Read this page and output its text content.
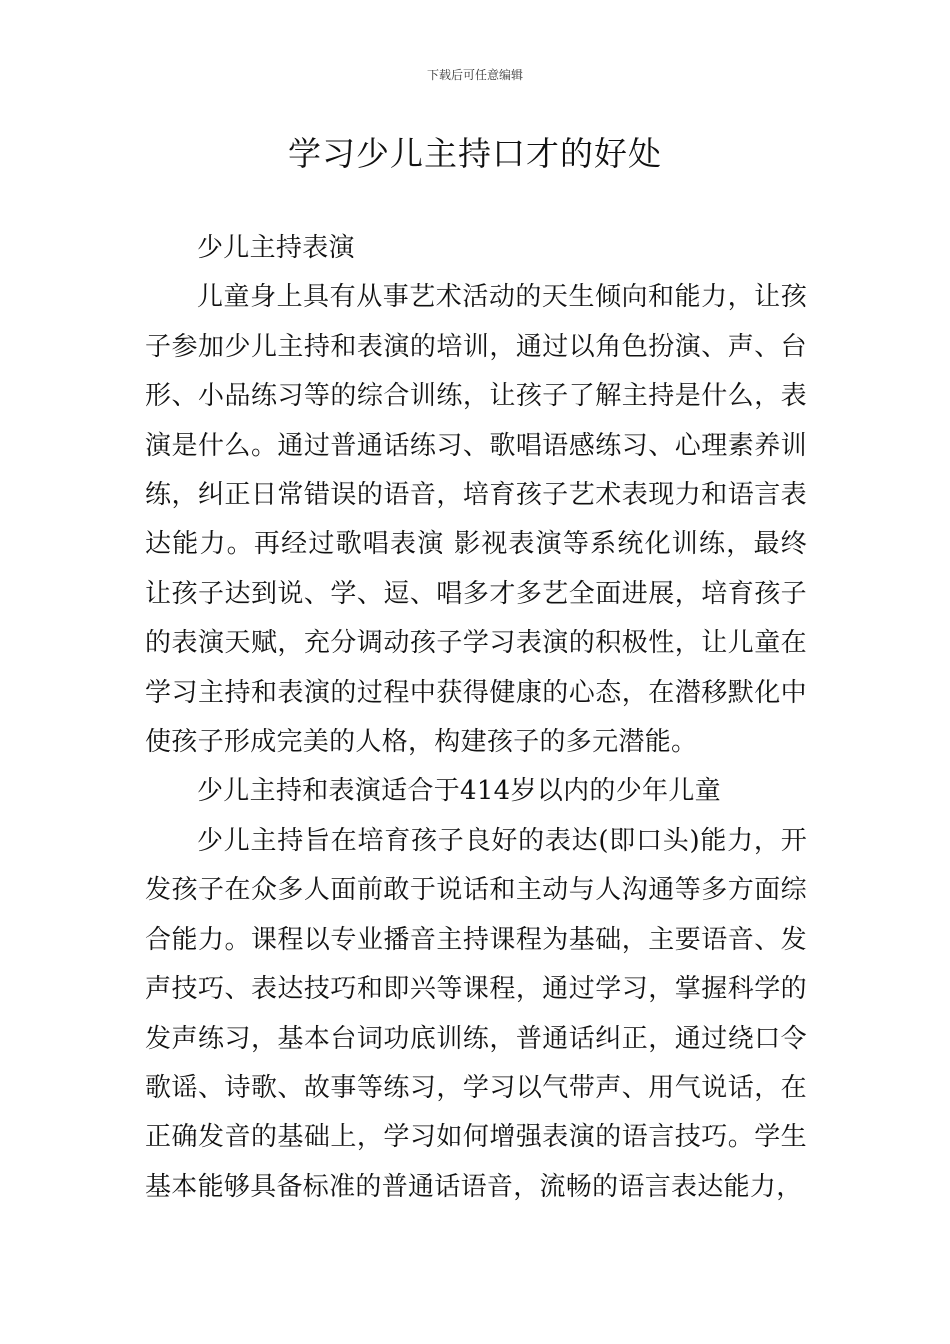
下载后可任意编辑
学习少儿主持口才的好处

少儿主持表演

儿童身上具有从事艺术活动的天生倾向和能力，让孩子参加少儿主持和表演的培训，通过以角色扮演、声、台形、小品练习等的综合训练，让孩子了解主持是什么，表演是什么。通过普通话练习、歌唱语感练习、心理素养训练，纠正日常错误的语音，培育孩子艺术表现力和语言表达能力。再经过歌唱表演 影视表演等系统化训练，最终让孩子达到说、学、逗、唱多才多艺全面进展，培育孩子的表演天赋，充分调动孩子学习表演的积极性，让儿童在学习主持和表演的过程中获得健康的心态，在潜移默化中使孩子形成完美的人格，构建孩子的多元潜能。

少儿主持和表演适合于414岁以内的少年儿童

少儿主持旨在培育孩子良好的表达(即口头)能力，开发孩子在众多人面前敢于说话和主动与人沟通等多方面综合能力。课程以专业播音主持课程为基础，主要语音、发声技巧、表达技巧和即兴等课程，通过学习，掌握科学的发声练习，基本台词功底训练，普通话纠正，通过绕口令歌谣、诗歌、故事等练习，学习以气带声、用气说话，在正确发音的基础上，学习如何增强表演的语言技巧。学生基本能够具备标准的普通话语音，流畅的语言表达能力，
